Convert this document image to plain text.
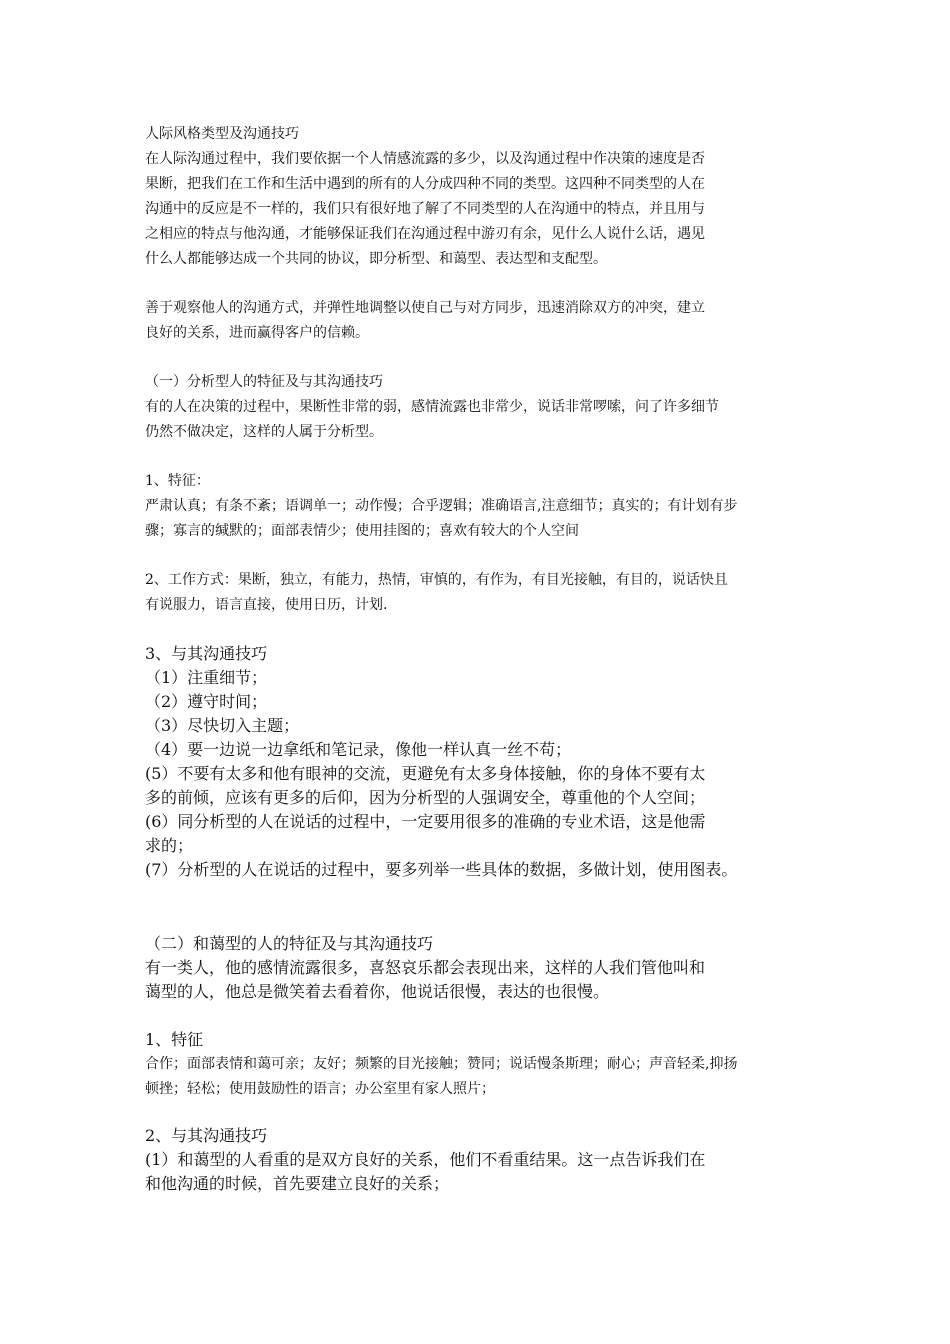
人际风格类型及沟通技巧

在人际沟通过程中，我们要依据一个人情感流露的多少，以及沟通过程中作决策的速度是否

果断，把我们在工作和生活中遇到的所有的人分成四种不同的类型。这四种不同类型的人在

沟通中的反应是不一样的，我们只有很好地了解了不同类型的人在沟通中的特点，并且用与

之相应的特点与他沟通，才能够保证我们在沟通过程中游刃有余，见什么人说什么话，遇见

什么人都能够达成一个共同的协议，即分析型、和蔼型、表达型和支配型。

善于观察他人的沟通方式，并弹性地调整以使自己与对方同步，迅速消除双方的冲突，建立

良好的关系，进而赢得客户的信赖。

（一）分析型人的特征及与其沟通技巧

有的人在决策的过程中，果断性非常的弱，感情流露也非常少，说话非常啰嗦，问了许多细节

仍然不做决定，这样的人属于分析型。

1、特征：

严肃认真；有条不紊；语调单一；动作慢；合乎逻辑；准确语言,注意细节；真实的；有计划有步

骤；寡言的缄默的；面部表情少；使用挂图的；喜欢有较大的个人空间

2、工作方式：果断，独立，有能力，热情，审慎的，有作为，有目光接触，有目的，说话快且

有说服力，语言直接，使用日历，计划.

3、与其沟通技巧

（1）注重细节；

（2）遵守时间；

（3）尽快切入主题；

（4）要一边说一边拿纸和笔记录，像他一样认真一丝不苟；

(5）不要有太多和他有眼神的交流，更避免有太多身体接触，你的身体不要有太

多的前倾，应该有更多的后仰，因为分析型的人强调安全，尊重他的个人空间；

(6）同分析型的人在说话的过程中，一定要用很多的准确的专业术语，这是他需

求的；

(7）分析型的人在说话的过程中，要多列举一些具体的数据，多做计划，使用图表。

（二）和蔼型的人的特征及与其沟通技巧

有一类人，他的感情流露很多，喜怒哀乐都会表现出来，这样的人我们管他叫和

蔼型的人，他总是微笑着去看着你，他说话很慢，表达的也很慢。

1、特征

合作；面部表情和蔼可亲；友好；频繁的目光接触；赞同；说话慢条斯理；耐心；声音轻柔,抑扬

顿挫；轻松；使用鼓励性的语言；办公室里有家人照片；

2、与其沟通技巧

(1）和蔼型的人看重的是双方良好的关系，他们不看重结果。这一点告诉我们在

和他沟通的时候，首先要建立良好的关系；
